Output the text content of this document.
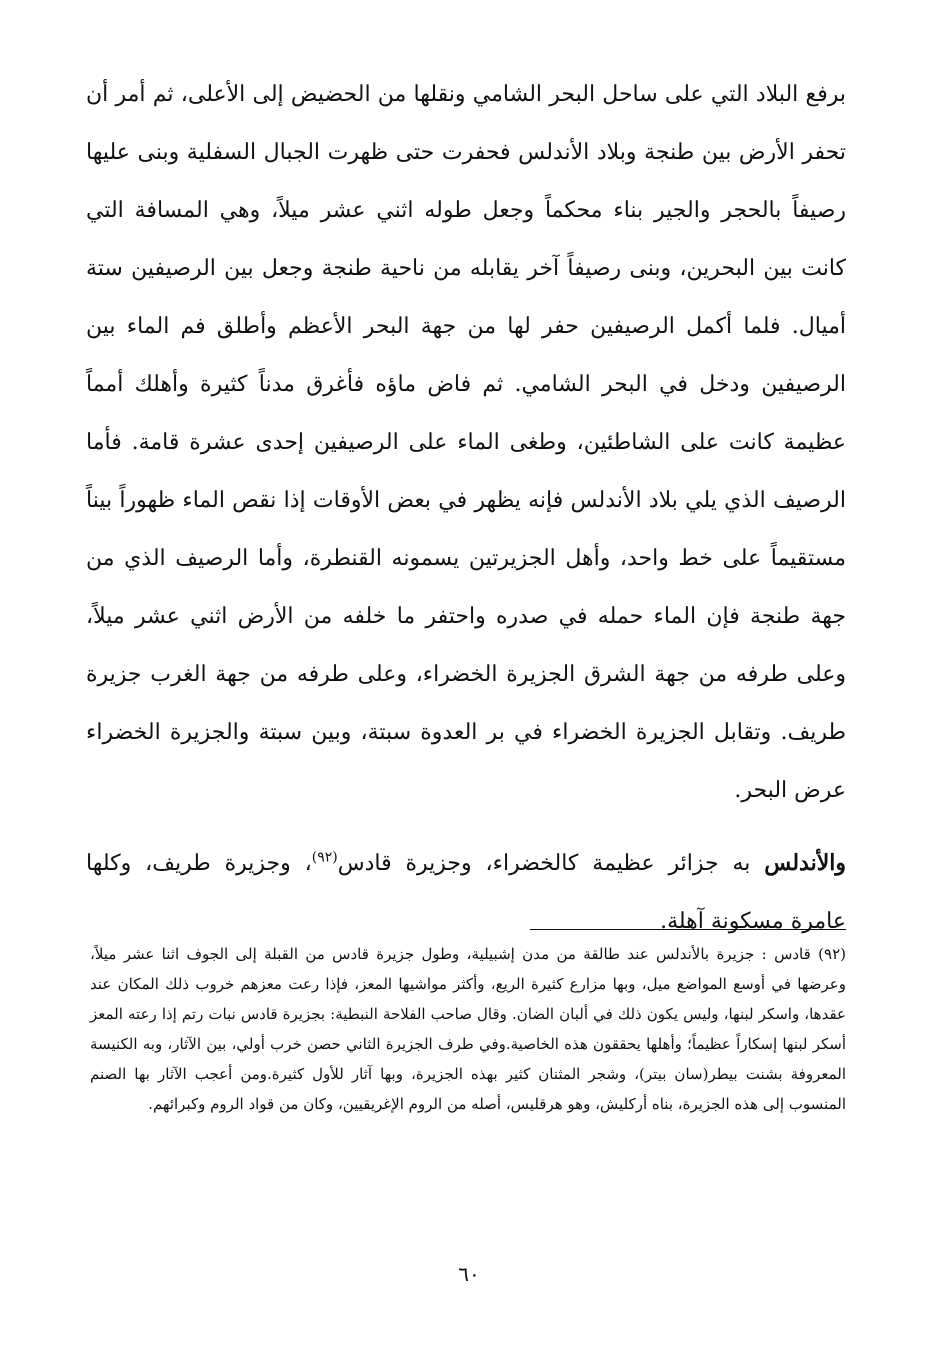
برفع البلاد التي على ساحل البحر الشامي ونقلها من الحضيض إلى الأعلى، ثم أمر أن تحفر الأرض بين طنجة وبلاد الأندلس فحفرت حتى ظهرت الجبال السفلية وبنى عليها رصيفاً بالحجر والجير بناء محكماً وجعل طوله اثني عشر ميلاً، وهي المسافة التي كانت بين البحرين، وبنى رصيفاً آخر يقابله من ناحية طنجة وجعل بين الرصيفين ستة أميال. فلما أكمل الرصيفين حفر لها من جهة البحر الأعظم وأطلق فم الماء بين الرصيفين ودخل في البحر الشامي. ثم فاض ماؤه فأغرق مدناً كثيرة وأهلك أمماً عظيمة كانت على الشاطئين، وطغى الماء على الرصيفين إحدى عشرة قامة. فأما الرصيف الذي يلي بلاد الأندلس فإنه يظهر في بعض الأوقات إذا نقص الماء ظهوراً بيناً مستقيماً على خط واحد، وأهل الجزيرتين يسمونه القنطرة، وأما الرصيف الذي من جهة طنجة فإن الماء حمله في صدره واحتفر ما خلفه من الأرض اثني عشر ميلاً، وعلى طرفه من جهة الشرق الجزيرة الخضراء، وعلى طرفه من جهة الغرب جزيرة طريف. وتقابل الجزيرة الخضراء في بر العدوة سبتة، وبين سبتة والجزيرة الخضراء عرض البحر.

والأندلس به جزائر عظيمة كالخضراء، وجزيرة قادس$^{(٩٢)}$، وجزيرة طريف، وكلها عامرة مسكونة آهلة.

(٩٢) قادس : جزيرة بالأندلس عند طالقة من مدن إشبيلية، وطول جزيرة قادس من القبلة إلى الجوف اثنا عشر ميلاً، وعرضها في أوسع المواضع ميل، وبها مزارع كثيرة الريع، وأكثر مواشيها المعز، فإذا رعت معزهم خروب ذلك المكان عند عقدها، واسكر لبنها، وليس يكون ذلك في ألبان الضان. وقال صاحب الفلاحة النبطية: بجزيرة قادس نبات رتم إذا رعته المعز أسكر لبنها إسكاراً عظيماً؛ وأهلها يحققون هذه الخاصية.وفي طرف الجزيرة الثاني حصن خرب أولي، بين الآثار، وبه الكنيسة المعروفة بشنت بيطر(سان بيتر)، وشجر المثنان كثير بهذه الجزيرة، وبها آثار للأول كثيرة.ومن أعجب الآثار بها الصنم المنسوب إلى هذه الجزيرة، بناه أركليش، وهو هرقليس، أصله من الروم الإغريقيين، وكان من قواد الروم وكبرائهم.

٦٠
